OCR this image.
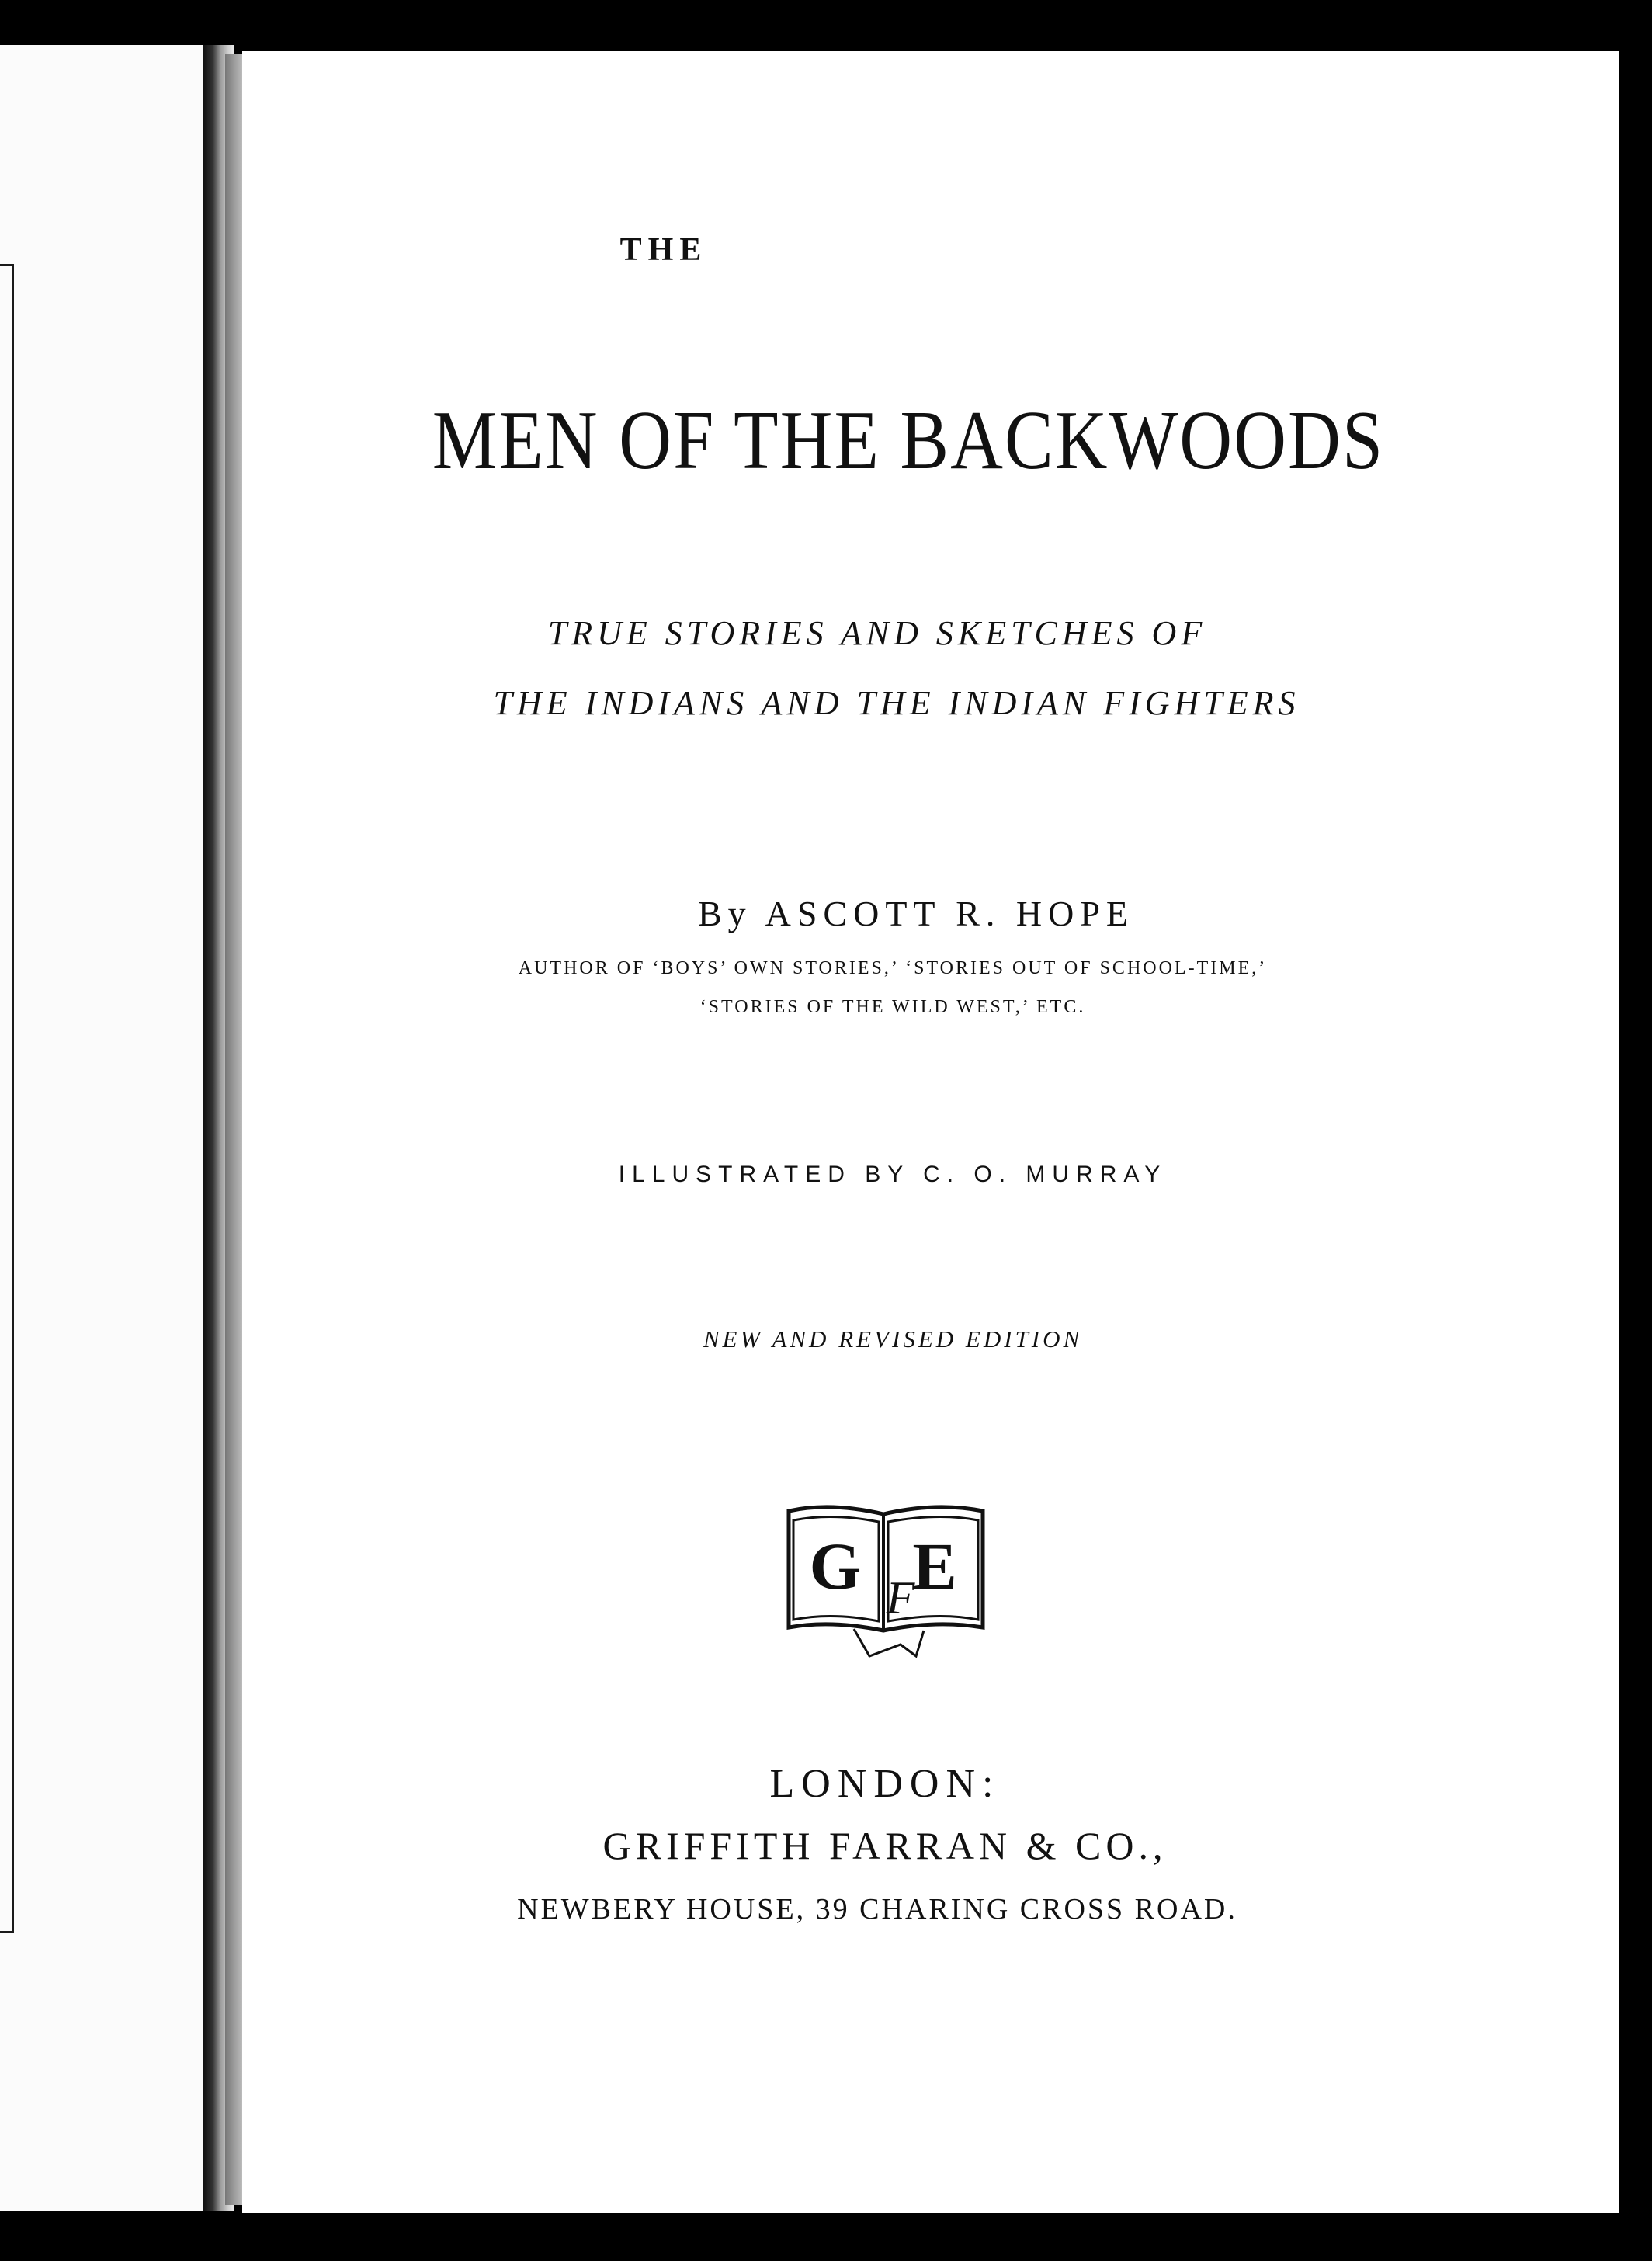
THE
MEN OF THE BACKWOODS
TRUE STORIES AND SKETCHES OF
THE INDIANS AND THE INDIAN FIGHTERS
By ASCOTT R. HOPE
AUTHOR OF ‘BOYS’ OWN STORIES,’ ‘STORIES OUT OF SCHOOL-TIME,’
‘STORIES OF THE WILD WEST,’ ETC.
ILLUSTRATED BY C. O. MURRAY
NEW AND REVISED EDITION
G E
F
LONDON:
GRIFFITH FARRAN & CO.,
NEWBERY HOUSE, 39 CHARING CROSS ROAD.
